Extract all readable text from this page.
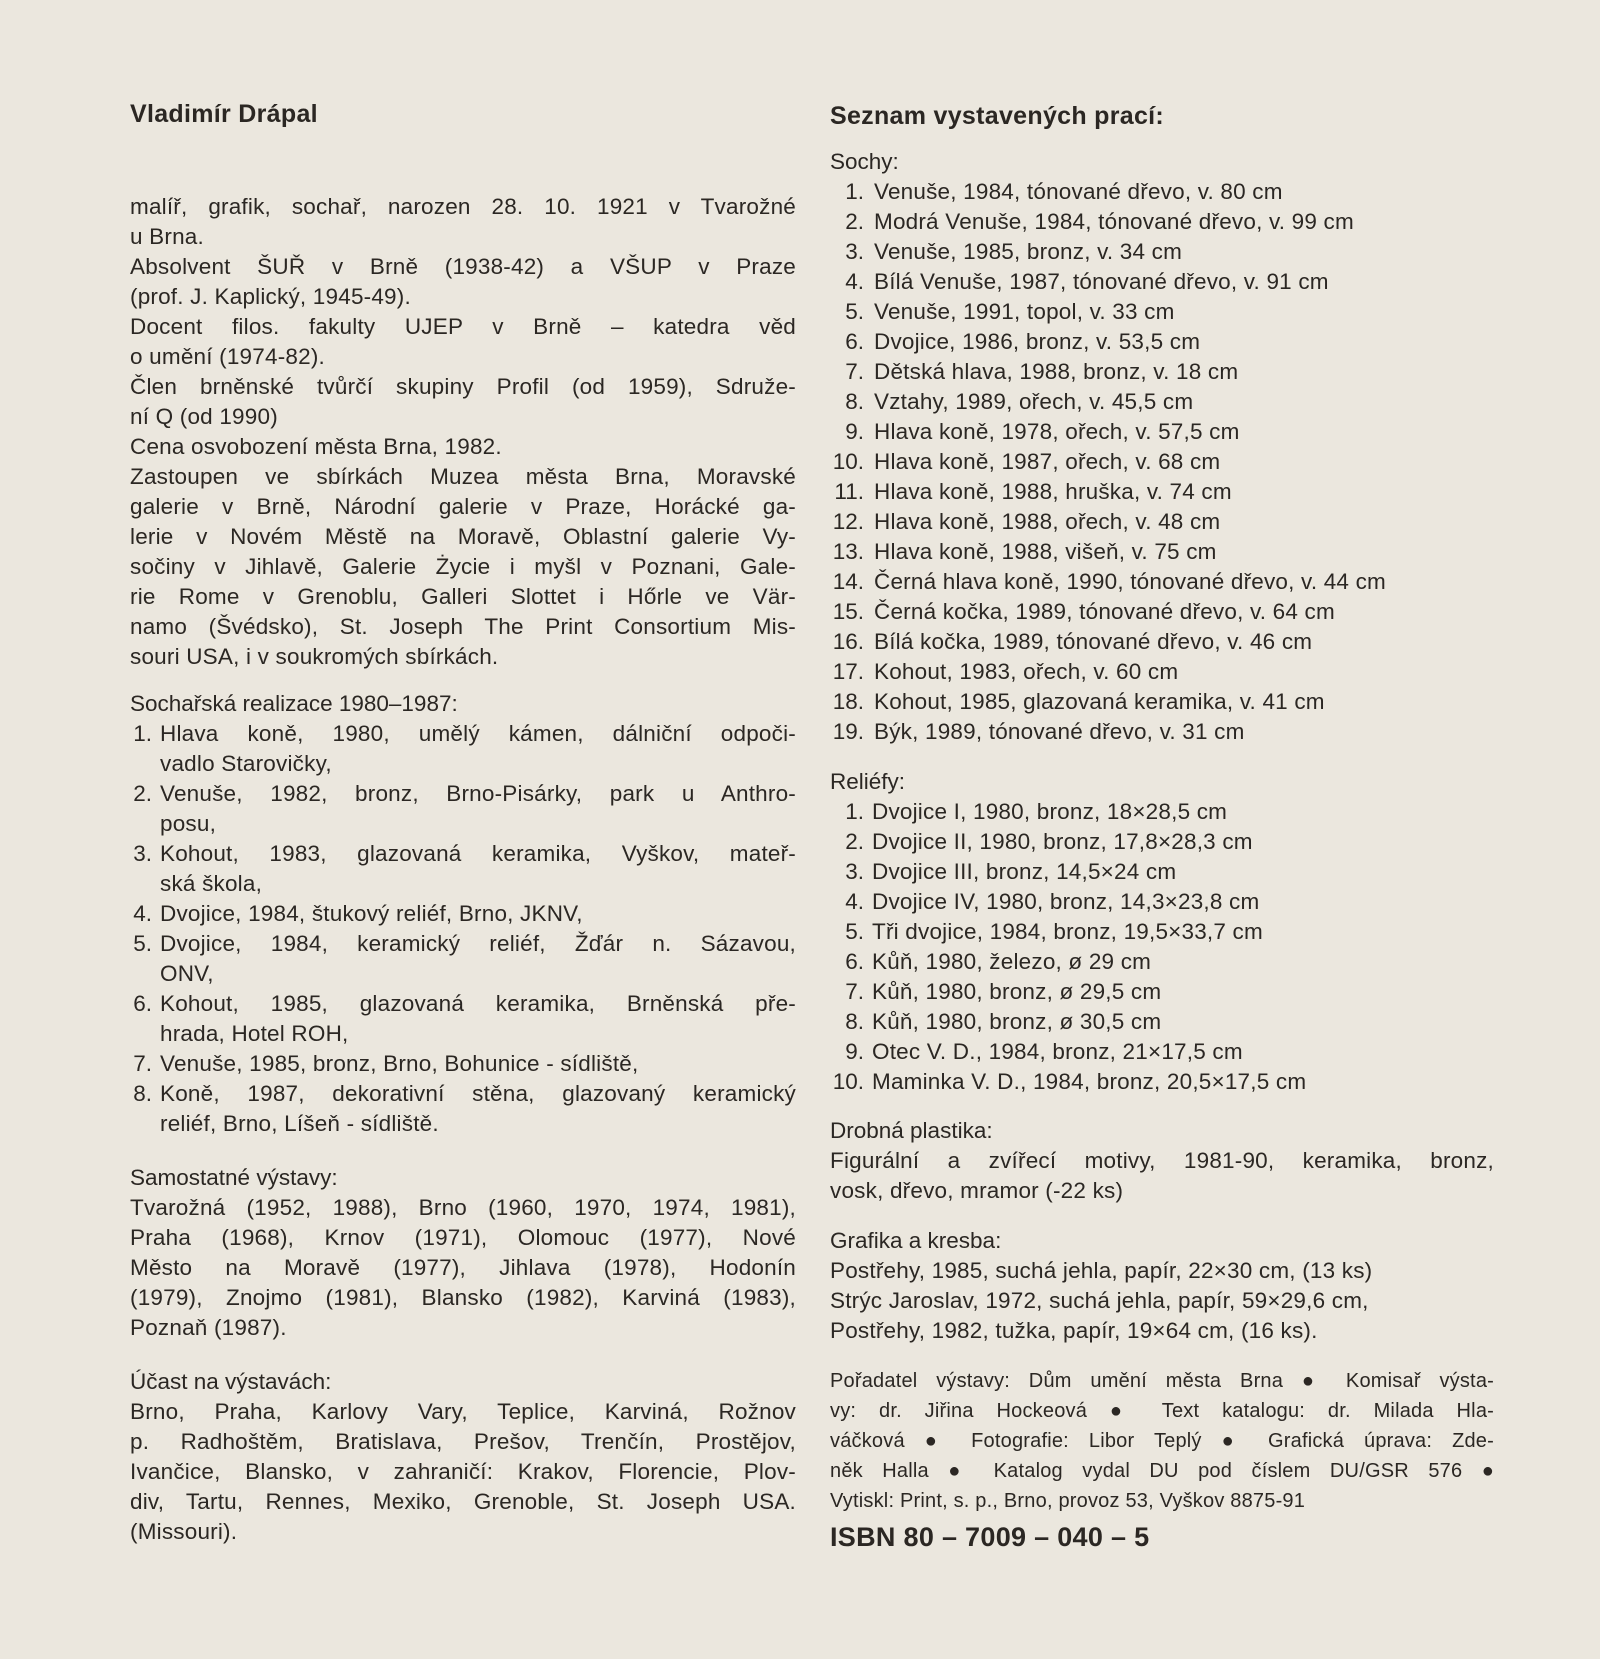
Vladimír Drápal
malíř, grafik, sochař, narozen 28. 10. 1921 v Tvarožné
u Brna.
Absolvent ŠUŘ v Brně (1938-42) a VŠUP v Praze
(prof. J. Kaplický, 1945-49).
Docent filos. fakulty UJEP v Brně – katedra věd
o umění (1974-82).
Člen brněnské tvůrčí skupiny Profil (od 1959), Sdruže-
ní Q (od 1990)
Cena osvobození města Brna, 1982.
Zastoupen ve sbírkách Muzea města Brna, Moravské
galerie v Brně, Národní galerie v Praze, Horácké ga-
lerie v Novém Městě na Moravě, Oblastní galerie Vy-
sočiny v Jihlavě, Galerie Życie i myšl v Poznani, Gale-
rie Rome v Grenoblu, Galleri Slottet i Hőrle ve Vär-
namo (Švédsko), St. Joseph The Print Consortium Mis-
souri USA, i v soukromých sbírkách.
Sochařská realizace 1980–1987:
1. Hlava koně, 1980, umělý kámen, dálniční odpoči-
vadlo Starovičky,
2. Venuše, 1982, bronz, Brno-Pisárky, park u Anthro-
posu,
3. Kohout, 1983, glazovaná keramika, Vyškov, mateř-
ská škola,
4. Dvojice, 1984, štukový reliéf, Brno, JKNV,
5. Dvojice, 1984, keramický reliéf, Žďár n. Sázavou,
ONV,
6. Kohout, 1985, glazovaná keramika, Brněnská pře-
hrada, Hotel ROH,
7. Venuše, 1985, bronz, Brno, Bohunice - sídliště,
8. Koně, 1987, dekorativní stěna, glazovaný keramický
reliéf, Brno, Líšeň - sídliště.
Samostatné výstavy:
Tvarožná (1952, 1988), Brno (1960, 1970, 1974, 1981),
Praha (1968), Krnov (1971), Olomouc (1977), Nové
Město na Moravě (1977), Jihlava (1978), Hodonín
(1979), Znojmo (1981), Blansko (1982), Karviná (1983),
Poznaň (1987).
Účast na výstavách:
Brno, Praha, Karlovy Vary, Teplice, Karviná, Rožnov
p. Radhoštěm, Bratislava, Prešov, Trenčín, Prostějov,
Ivančice, Blansko, v zahraničí: Krakov, Florencie, Plov-
div, Tartu, Rennes, Mexiko, Grenoble, St. Joseph USA.
(Missouri).
Seznam vystavených prací:
Sochy:
1. Venuše, 1984, tónované dřevo, v. 80 cm
2. Modrá Venuše, 1984, tónované dřevo, v. 99 cm
3. Venuše, 1985, bronz, v. 34 cm
4. Bílá Venuše, 1987, tónované dřevo, v. 91 cm
5. Venuše, 1991, topol, v. 33 cm
6. Dvojice, 1986, bronz, v. 53,5 cm
7. Dětská hlava, 1988, bronz, v. 18 cm
8. Vztahy, 1989, ořech, v. 45,5 cm
9. Hlava koně, 1978, ořech, v. 57,5 cm
10. Hlava koně, 1987, ořech, v. 68 cm
11. Hlava koně, 1988, hruška, v. 74 cm
12. Hlava koně, 1988, ořech, v. 48 cm
13. Hlava koně, 1988, višeň, v. 75 cm
14. Černá hlava koně, 1990, tónované dřevo, v. 44 cm
15. Černá kočka, 1989, tónované dřevo, v. 64 cm
16. Bílá kočka, 1989, tónované dřevo, v. 46 cm
17. Kohout, 1983, ořech, v. 60 cm
18. Kohout, 1985, glazovaná keramika, v. 41 cm
19. Býk, 1989, tónované dřevo, v. 31 cm
Reliéfy:
1. Dvojice I, 1980, bronz, 18×28,5 cm
2. Dvojice II, 1980, bronz, 17,8×28,3 cm
3. Dvojice III, bronz, 14,5×24 cm
4. Dvojice IV, 1980, bronz, 14,3×23,8 cm
5. Tři dvojice, 1984, bronz, 19,5×33,7 cm
6. Kůň, 1980, železo, ø 29 cm
7. Kůň, 1980, bronz, ø 29,5 cm
8. Kůň, 1980, bronz, ø 30,5 cm
9. Otec V. D., 1984, bronz, 21×17,5 cm
10. Maminka V. D., 1984, bronz, 20,5×17,5 cm
Drobná plastika:
Figurální a zvířecí motivy, 1981-90, keramika, bronz,
vosk, dřevo, mramor (-22 ks)
Grafika a kresba:
Postřehy, 1985, suchá jehla, papír, 22×30 cm, (13 ks)
Strýc Jaroslav, 1972, suchá jehla, papír, 59×29,6 cm,
Postřehy, 1982, tužka, papír, 19×64 cm, (16 ks).
Pořadatel výstavy: Dům umění města Brna ● Komisař výsta-
vy: dr. Jiřina Hockeová ● Text katalogu: dr. Milada Hla-
váčková ● Fotografie: Libor Teplý ● Grafická úprava: Zde-
něk Halla ● Katalog vydal DU pod číslem DU/GSR 576 ●
Vytiskl: Print, s. p., Brno, provoz 53, Vyškov 8875-91
ISBN 80 – 7009 – 040 – 5
